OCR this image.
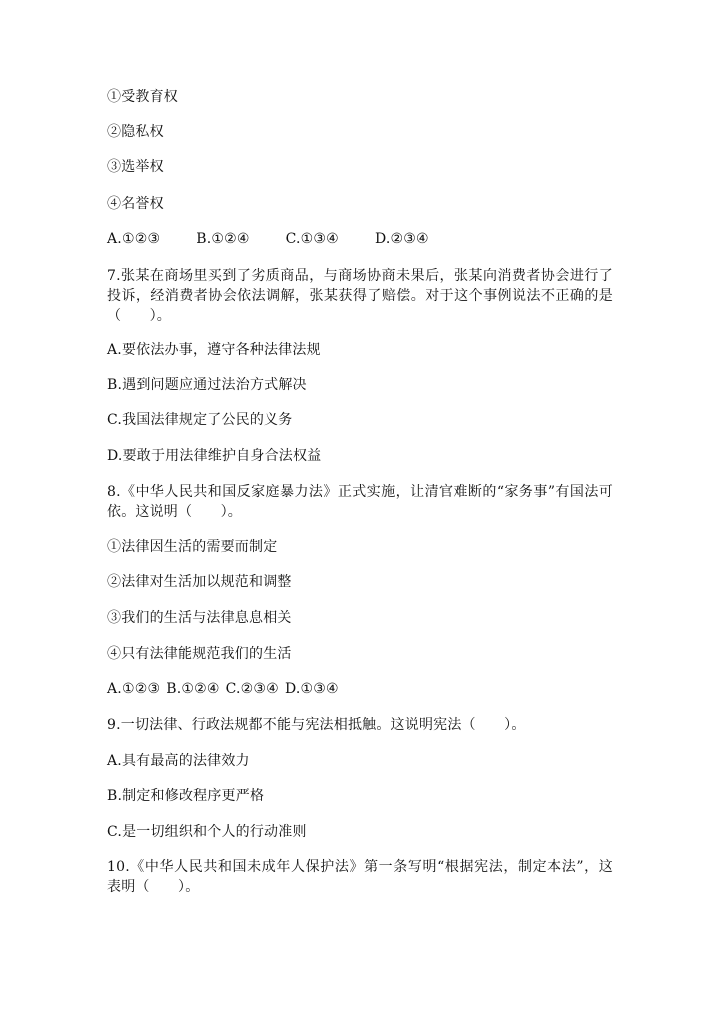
①受教育权
②隐私权
③选举权
④名誉权
A.①②③	B.①②④	C.①③④	D.②③④
7.张某在商场里买到了劣质商品，与商场协商未果后，张某向消费者协会进行了投诉，经消费者协会依法调解，张某获得了赔偿。对于这个事例说法不正确的是（　　）。
A.要依法办事，遵守各种法律法规
B.遇到问题应通过法治方式解决
C.我国法律规定了公民的义务
D.要敢于用法律维护自身合法权益
8.《中华人民共和国反家庭暴力法》正式实施，让清官难断的“家务事”有国法可依。这说明（　　）。
①法律因生活的需要而制定
②法律对生活加以规范和调整
③我们的生活与法律息息相关
④只有法律能规范我们的生活
A.①②③ B.①②④ C.②③④ D.①③④
9.一切法律、行政法规都不能与宪法相抵触。这说明宪法（　　）。
A.具有最高的法律效力
B.制定和修改程序更严格
C.是一切组织和个人的行动准则
10.《中华人民共和国未成年人保护法》第一条写明“根据宪法，制定本法”，这表明（　　）。
